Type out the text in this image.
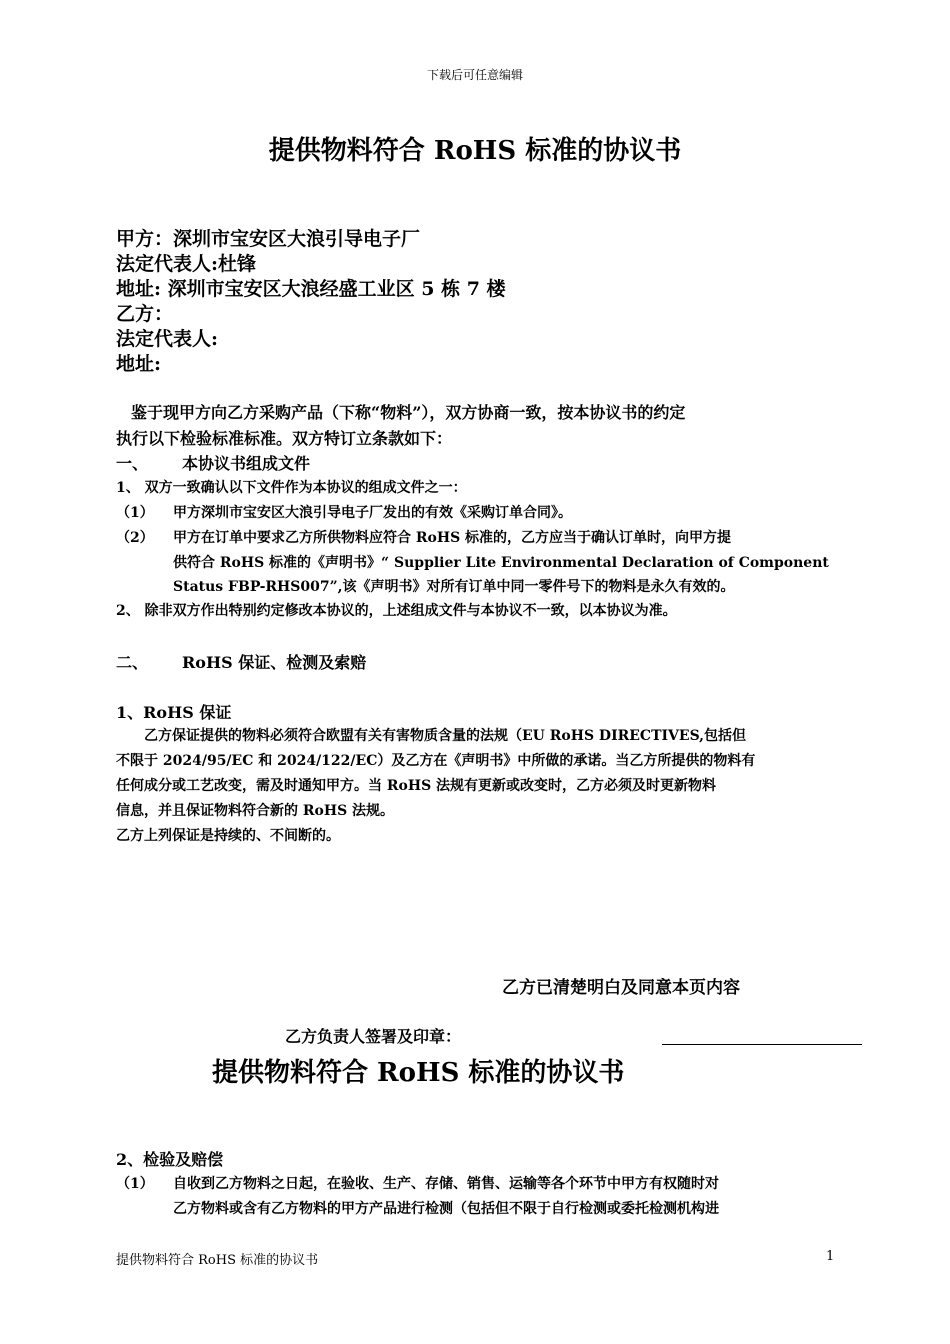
下载后可任意编辑
提供物料符合 RoHS 标准的协议书
甲方：深圳市宝安区大浪引导电子厂
法定代表人:杜锋
地址: 深圳市宝安区大浪经盛工业区 5 栋 7 楼
乙方：
法定代表人:
地址:
鉴于现甲方向乙方采购产品（下称“物料”），双方协商一致，按本协议书的约定
执行以下检验标准标准。双方特订立条款如下：
一、 本协议书组成文件
1、 双方一致确认以下文件作为本协议的组成文件之一：
（1） 甲方深圳市宝安区大浪引导电子厂发出的有效《采购订单合同》。
（2） 甲方在订单中要求乙方所供物料应符合 RoHS 标准的，乙方应当于确认订单时，向甲方提
供符合 RoHS 标准的《声明书》“ Supplier Lite Environmental Declaration of Component
Status FBP-RHS007”,该《声明书》对所有订单中同一零件号下的物料是永久有效的。
2、 除非双方作出特别约定修改本协议的，上述组成文件与本协议不一致，以本协议为准。
二、 RoHS 保证、检测及索赔
1、RoHS 保证
乙方保证提供的物料必须符合欧盟有关有害物质含量的法规（EU RoHS DIRECTIVES,包括但
不限于 2024/95/EC 和 2024/122/EC）及乙方在《声明书》中所做的承诺。当乙方所提供的物料有
任何成分或工艺改变，需及时通知甲方。当 RoHS 法规有更新或改变时，乙方必须及时更新物料
信息，并且保证物料符合新的 RoHS 法规。
乙方上列保证是持续的、不间断的。
乙方已清楚明白及同意本页内容
乙方负责人签署及印章：
提供物料符合 RoHS 标准的协议书
2、检验及赔偿
（1） 自收到乙方物料之日起，在验收、生产、存储、销售、运输等各个环节中甲方有权随时对
乙方物料或含有乙方物料的甲方产品进行检测（包括但不限于自行检测或委托检测机构进
提供物料符合 RoHS 标准的协议书	1
